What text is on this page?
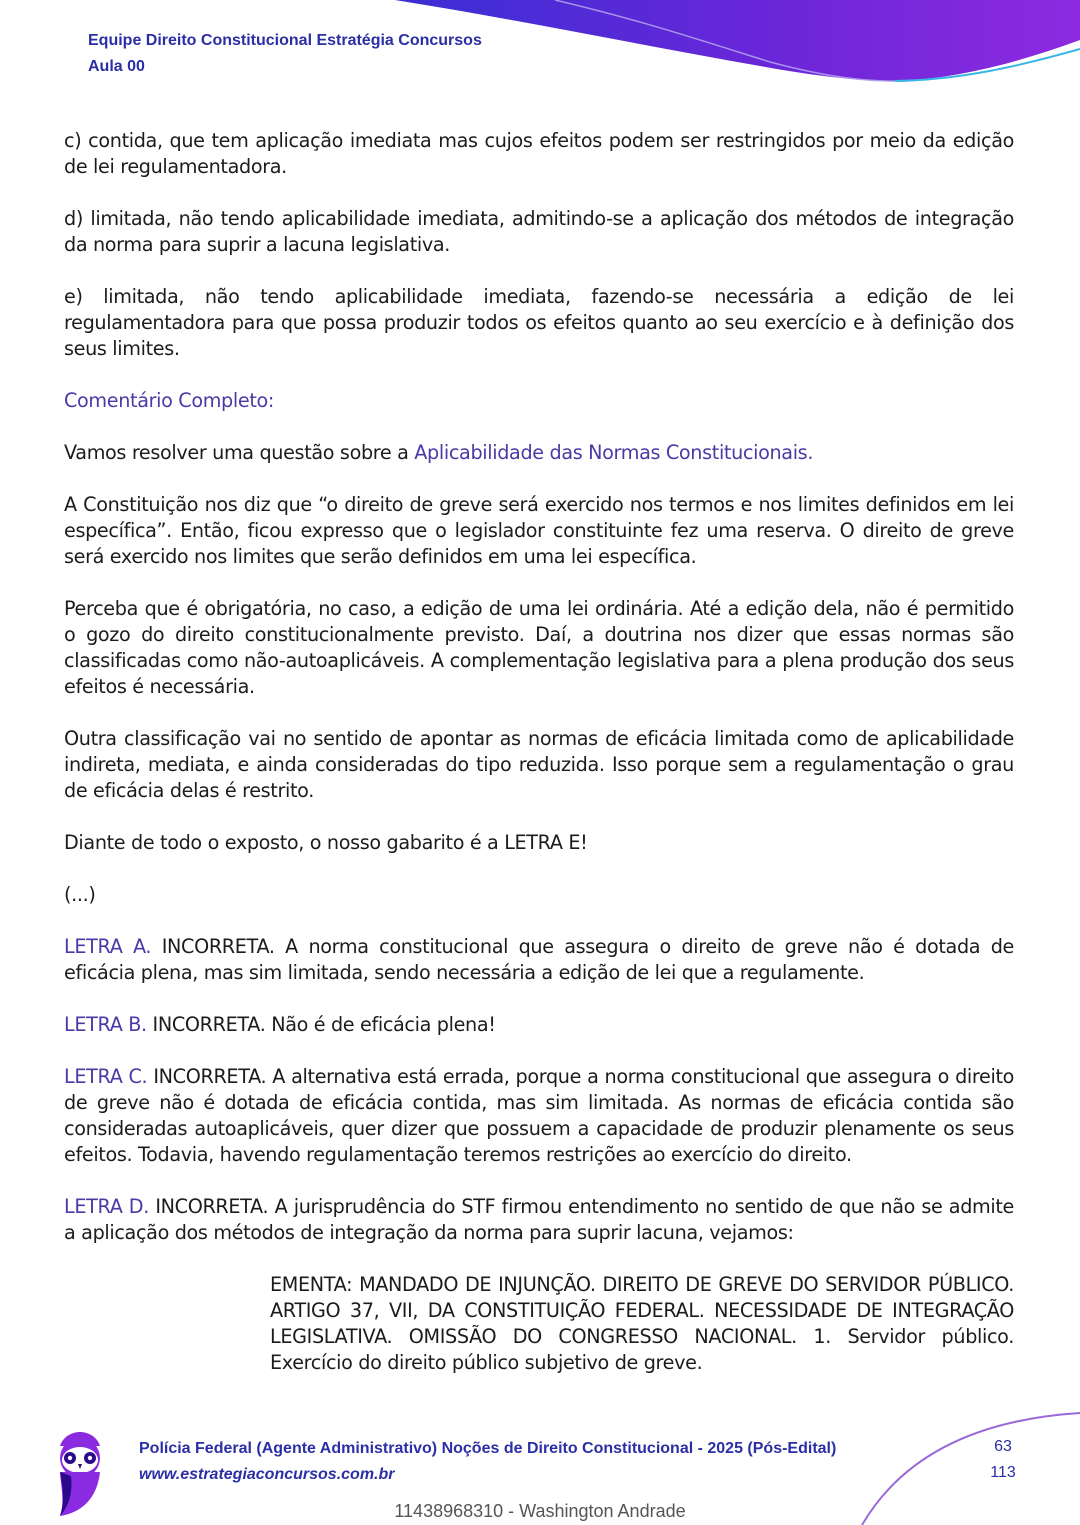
Equipe Direito Constitucional Estratégia Concursos
Aula 00

c) contida, que tem aplicação imediata mas cujos efeitos podem ser restringidos por meio da edição de lei regulamentadora.

d) limitada, não tendo aplicabilidade imediata, admitindo-se a aplicação dos métodos de integração da norma para suprir a lacuna legislativa.

e) limitada, não tendo aplicabilidade imediata, fazendo-se necessária a edição de lei regulamentadora para que possa produzir todos os efeitos quanto ao seu exercício e à definição dos seus limites.

Comentário Completo:

Vamos resolver uma questão sobre a Aplicabilidade das Normas Constitucionais.

A Constituição nos diz que “o direito de greve será exercido nos termos e nos limites definidos em lei específica”. Então, ficou expresso que o legislador constituinte fez uma reserva. O direito de greve será exercido nos limites que serão definidos em uma lei específica.

Perceba que é obrigatória, no caso, a edição de uma lei ordinária. Até a edição dela, não é permitido o gozo do direito constitucionalmente previsto. Daí, a doutrina nos dizer que essas normas são classificadas como não-autoaplicáveis. A complementação legislativa para a plena produção dos seus efeitos é necessária.

Outra classificação vai no sentido de apontar as normas de eficácia limitada como de aplicabilidade indireta, mediata, e ainda consideradas do tipo reduzida. Isso porque sem a regulamentação o grau de eficácia delas é restrito.

Diante de todo o exposto, o nosso gabarito é a LETRA E!

(...)

LETRA A. INCORRETA. A norma constitucional que assegura o direito de greve não é dotada de eficácia plena, mas sim limitada, sendo necessária a edição de lei que a regulamente.

LETRA B. INCORRETA. Não é de eficácia plena!

LETRA C. INCORRETA. A alternativa está errada, porque a norma constitucional que assegura o direito de greve não é dotada de eficácia contida, mas sim limitada. As normas de eficácia contida são consideradas autoaplicáveis, quer dizer que possuem a capacidade de produzir plenamente os seus efeitos. Todavia, havendo regulamentação teremos restrições ao exercício do direito.

LETRA D. INCORRETA. A jurisprudência do STF firmou entendimento no sentido de que não se admite a aplicação dos métodos de integração da norma para suprir lacuna, vejamos:

EMENTA: MANDADO DE INJUNÇÃO. DIREITO DE GREVE DO SERVIDOR PÚBLICO. ARTIGO 37, VII, DA CONSTITUIÇÃO FEDERAL. NECESSIDADE DE INTEGRAÇÃO LEGISLATIVA. OMISSÃO DO CONGRESSO NACIONAL. 1. Servidor público. Exercício do direito público subjetivo de greve.

Polícia Federal (Agente Administrativo) Noções de Direito Constitucional - 2025 (Pós-Edital)
www.estrategiaconcursos.com.br
63
113
11438968310 - Washington Andrade
